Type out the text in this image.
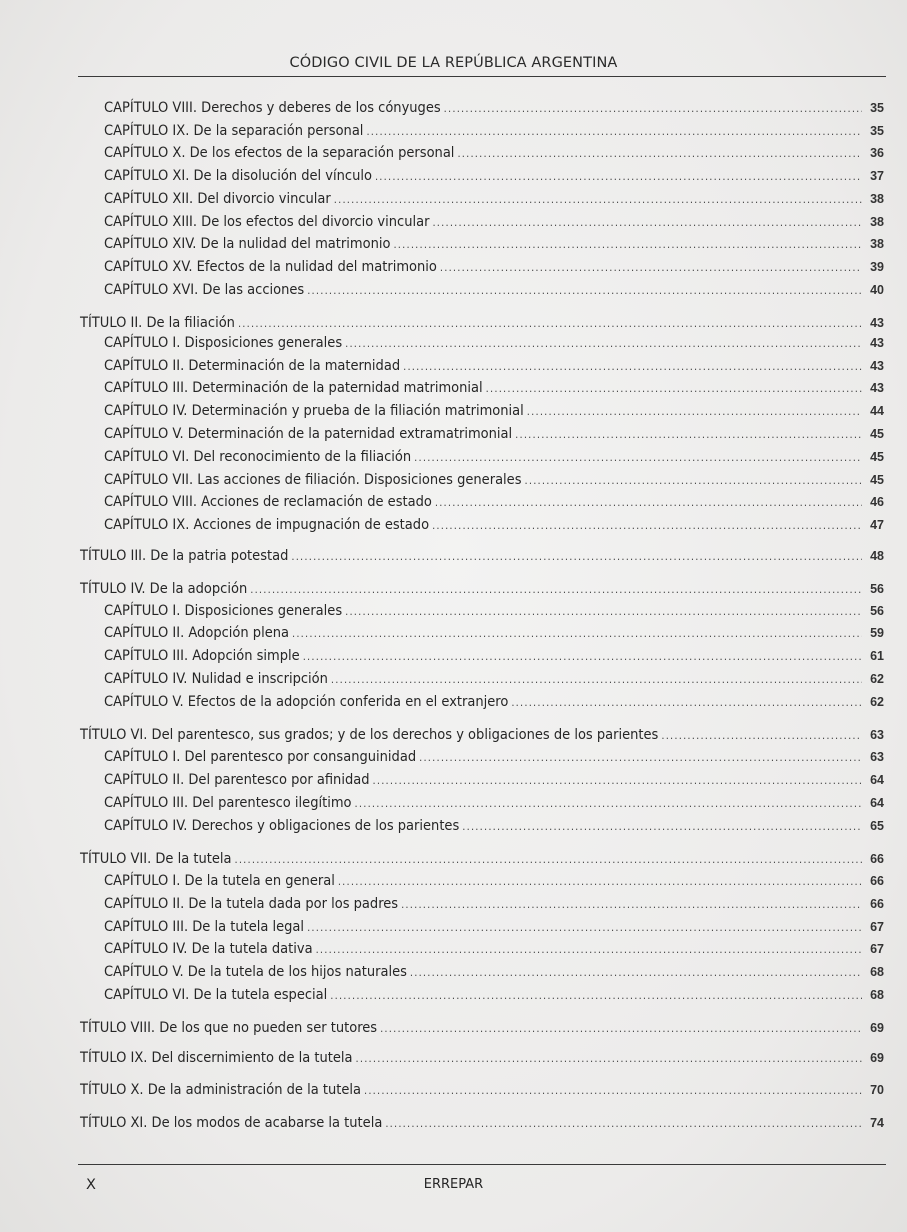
CÓDIGO CIVIL DE LA REPÚBLICA ARGENTINA
CAPÍTULO VIII. Derechos y deberes de los cónyuges .....	35
CAPÍTULO IX. De la separación personal .....	35
CAPÍTULO X. De los efectos de la separación personal .....	36
CAPÍTULO XI. De la disolución del vínculo .....	37
CAPÍTULO XII. Del divorcio vincular .....	38
CAPÍTULO XIII. De los efectos del divorcio vincular .....	38
CAPÍTULO XIV. De la nulidad del matrimonio .....	38
CAPÍTULO XV. Efectos de la nulidad del matrimonio .....	39
CAPÍTULO XVI. De las acciones .....	40
TÍTULO II. De la filiación .....	43
CAPÍTULO I. Disposiciones generales .....	43
CAPÍTULO II. Determinación de la maternidad .....	43
CAPÍTULO III. Determinación de la paternidad matrimonial .....	43
CAPÍTULO IV. Determinación y prueba de la filiación matrimonial .....	44
CAPÍTULO V. Determinación de la paternidad extramatrimonial .....	45
CAPÍTULO VI. Del reconocimiento de la filiación .....	45
CAPÍTULO VII. Las acciones de filiación. Disposiciones generales .....	45
CAPÍTULO VIII. Acciones de reclamación de estado .....	46
CAPÍTULO IX. Acciones de impugnación de estado .....	47
TÍTULO III. De la patria potestad .....	48
TÍTULO IV. De la adopción .....	56
CAPÍTULO I. Disposiciones generales .....	56
CAPÍTULO II. Adopción plena .....	59
CAPÍTULO III. Adopción simple .....	61
CAPÍTULO IV. Nulidad e inscripción .....	62
CAPÍTULO V. Efectos de la adopción conferida en el extranjero .....	62
TÍTULO VI. Del parentesco, sus grados; y de los derechos y obligaciones de los parientes .....	63
CAPÍTULO I. Del parentesco por consanguinidad .....	63
CAPÍTULO II. Del parentesco por afinidad .....	64
CAPÍTULO III. Del parentesco ilegítimo .....	64
CAPÍTULO IV. Derechos y obligaciones de los parientes .....	65
TÍTULO VII. De la tutela .....	66
CAPÍTULO I. De la tutela en general .....	66
CAPÍTULO II. De la tutela dada por los padres .....	66
CAPÍTULO III. De la tutela legal .....	67
CAPÍTULO IV. De la tutela dativa .....	67
CAPÍTULO V. De la tutela de los hijos naturales .....	68
CAPÍTULO VI. De la tutela especial .....	68
TÍTULO VIII. De los que no pueden ser tutores .....	69
TÍTULO IX. Del discernimiento de la tutela .....	69
TÍTULO X. De la administración de la tutela .....	70
TÍTULO XI. De los modos de acabarse la tutela .....	74
X	ERREPAR
